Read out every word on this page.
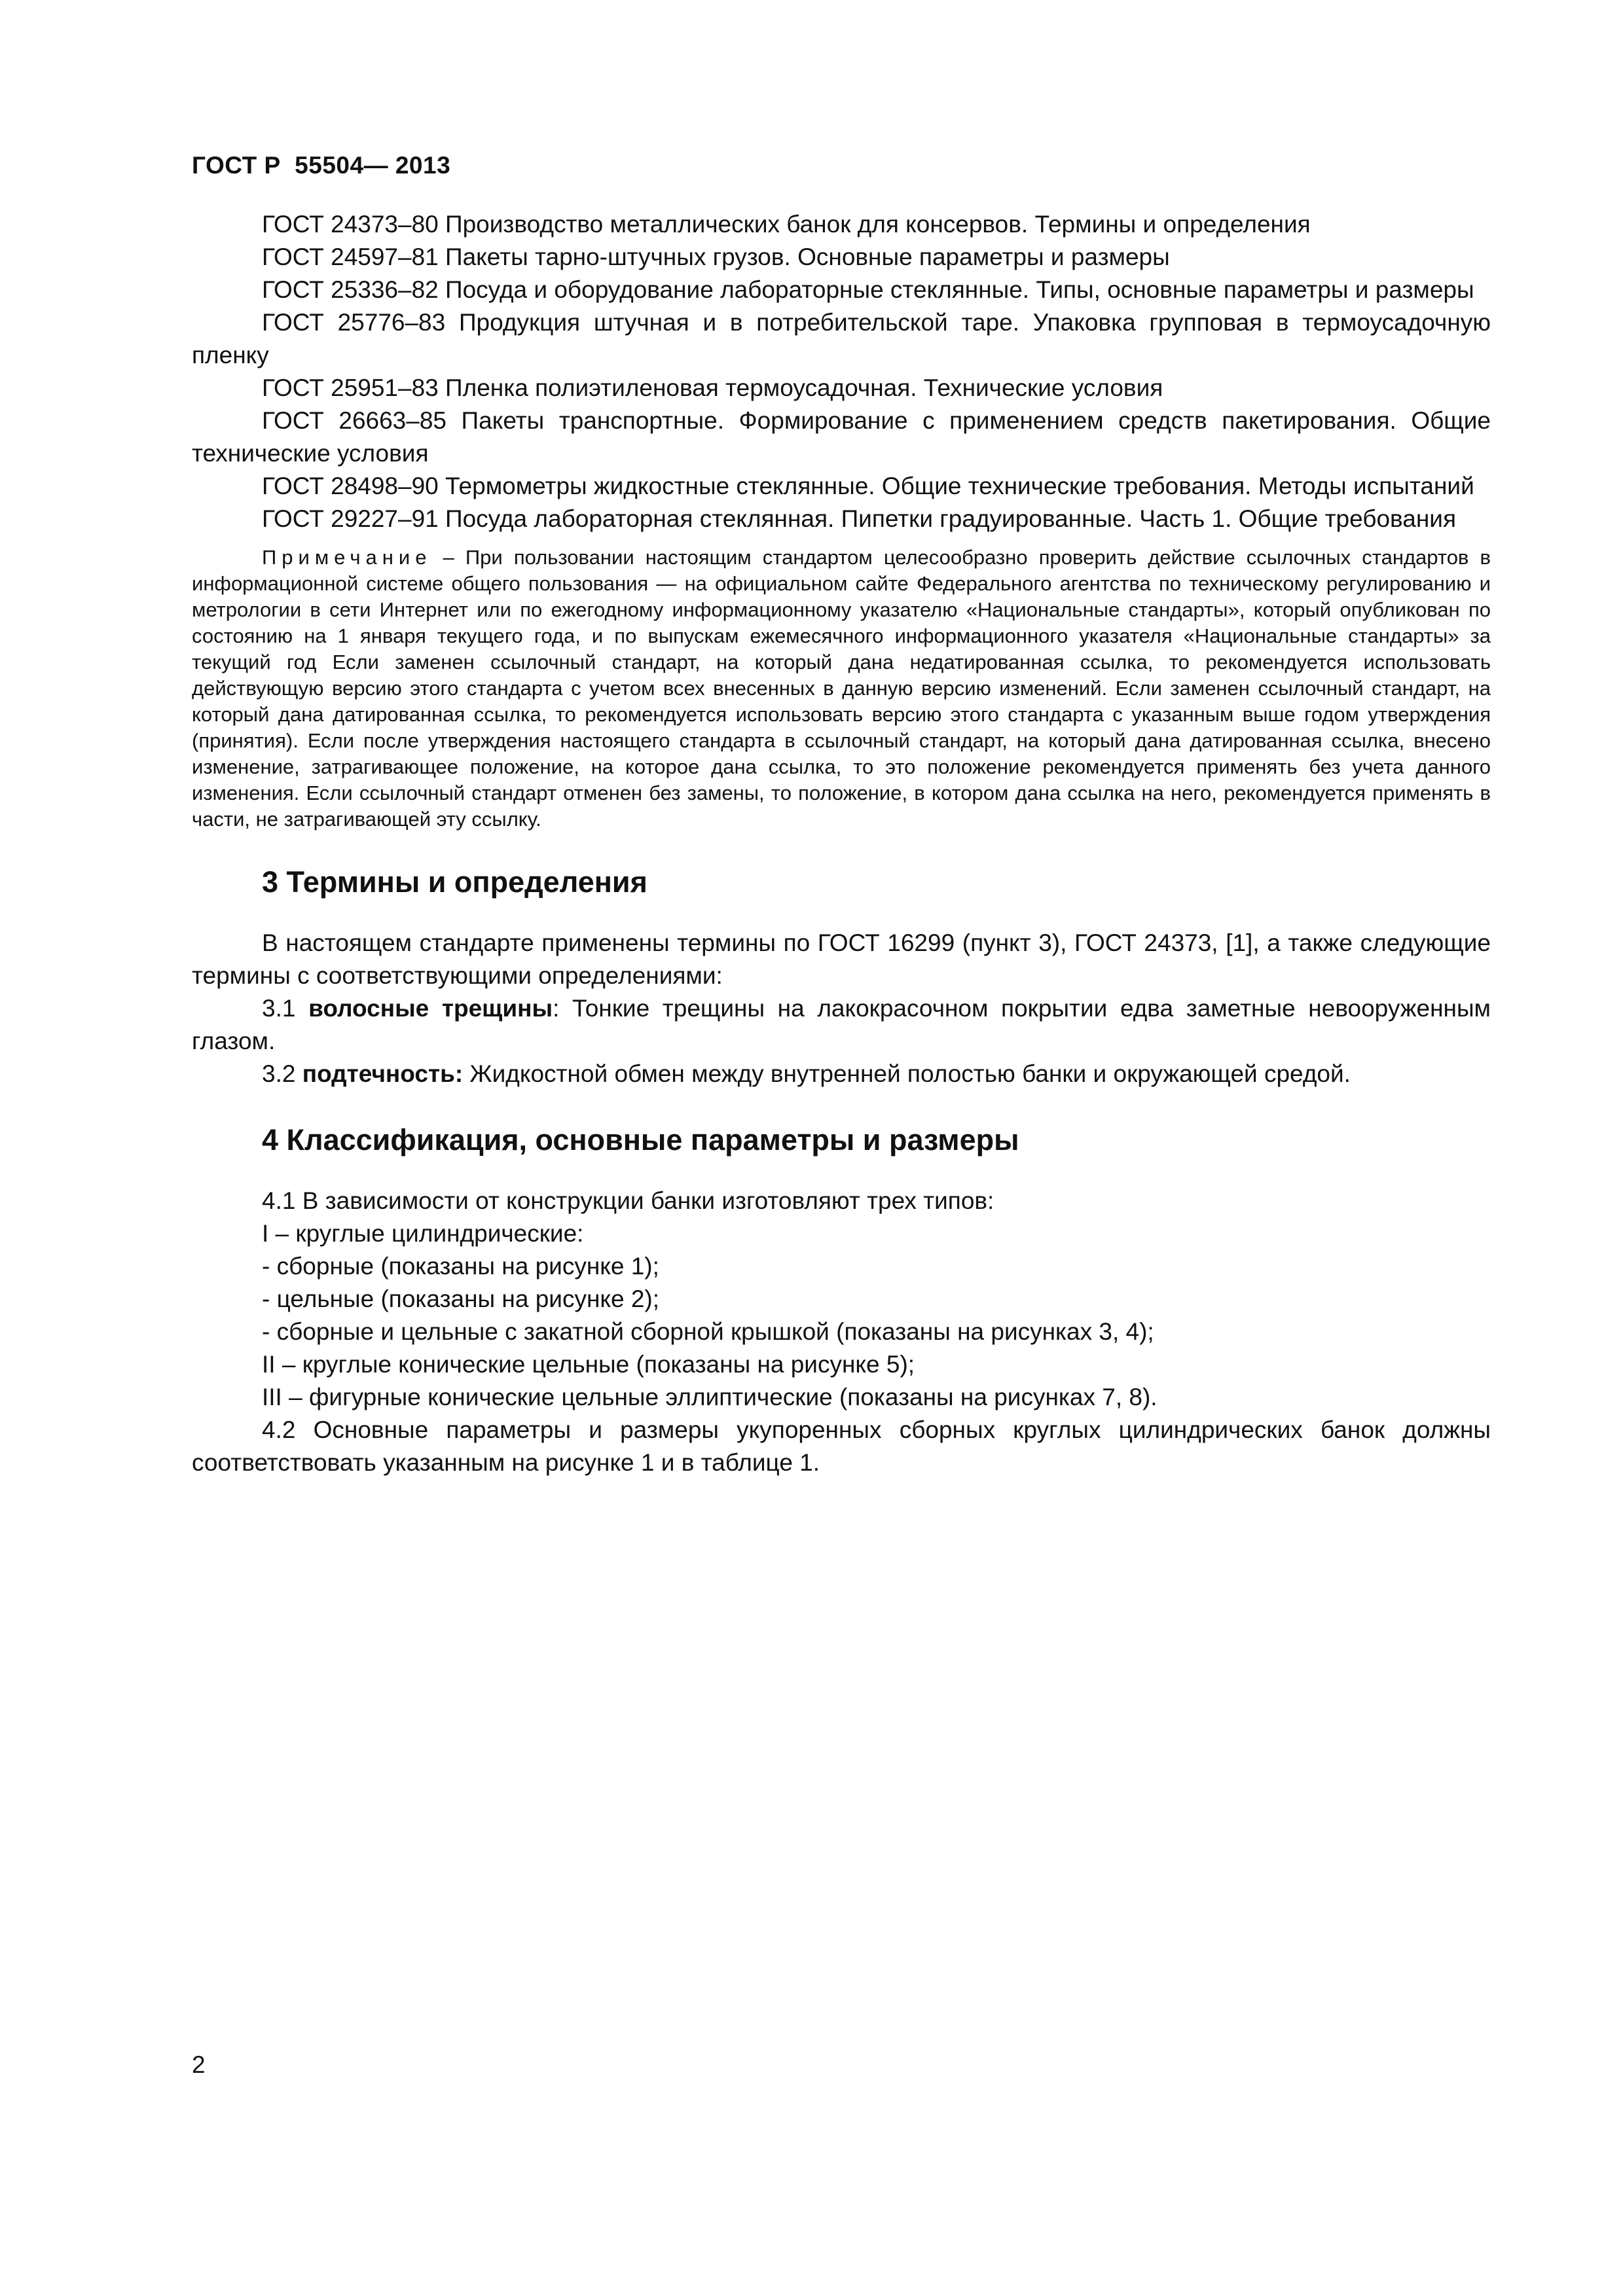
ГОСТ Р  55504— 2013

ГОСТ 24373–80 Производство металлических банок для консервов. Термины и определения

ГОСТ 24597–81 Пакеты тарно-штучных грузов. Основные параметры и размеры

ГОСТ 25336–82 Посуда и оборудование лабораторные стеклянные. Типы, основные параметры и размеры

ГОСТ 25776–83 Продукция штучная и в потребительской таре. Упаковка групповая в термоусадочную пленку

ГОСТ 25951–83 Пленка полиэтиленовая термоусадочная. Технические условия

ГОСТ 26663–85 Пакеты транспортные. Формирование с применением средств пакетирования. Общие технические условия

ГОСТ 28498–90 Термометры жидкостные стеклянные. Общие технические требования. Методы испытаний

ГОСТ 29227–91 Посуда лабораторная стеклянная. Пипетки градуированные. Часть 1. Общие требования

Примечание – При пользовании настоящим стандартом целесообразно проверить действие ссылочных стандартов в информационной системе общего пользования — на официальном сайте Федерального агентства по техническому регулированию и метрологии в сети Интернет или по ежегодному информационному указателю «Национальные стандарты», который опубликован по состоянию на 1 января текущего года, и по выпускам ежемесячного информационного указателя «Национальные стандарты» за текущий год Если заменен ссылочный стандарт, на который дана недатированная ссылка, то рекомендуется использовать действующую версию этого стандарта с учетом всех внесенных в данную версию изменений. Если заменен ссылочный стандарт, на который дана датированная ссылка, то рекомендуется использовать версию этого стандарта с указанным выше годом утверждения (принятия). Если после утверждения настоящего стандарта в ссылочный стандарт, на который дана датированная ссылка, внесено изменение, затрагивающее положение, на которое дана ссылка, то это положение рекомендуется применять без учета данного изменения. Если ссылочный стандарт отменен без замены, то положение, в котором дана ссылка на него, рекомендуется применять в части, не затрагивающей эту ссылку.
3 Термины и определения

В настоящем стандарте применены термины по ГОСТ 16299 (пункт 3), ГОСТ 24373, [1], а также следующие термины с соответствующими определениями:

3.1 волосные трещины: Тонкие трещины на лакокрасочном покрытии едва заметные невооруженным глазом.

3.2 подтечность: Жидкостной обмен между внутренней полостью банки и окружающей средой.

4 Классификация, основные параметры и размеры

4.1 В зависимости от конструкции банки изготовляют трех типов:

I – круглые цилиндрические:

- сборные (показаны на рисунке 1);

- цельные (показаны на рисунке 2);

- сборные и цельные с закатной сборной крышкой (показаны на рисунках 3, 4);

II – круглые конические цельные (показаны на рисунке 5);

III – фигурные конические цельные эллиптические (показаны на рисунках 7, 8).

4.2 Основные параметры и размеры укупоренных сборных круглых цилиндрических банок должны соответствовать указанным на рисунке 1 и в таблице 1.

2
